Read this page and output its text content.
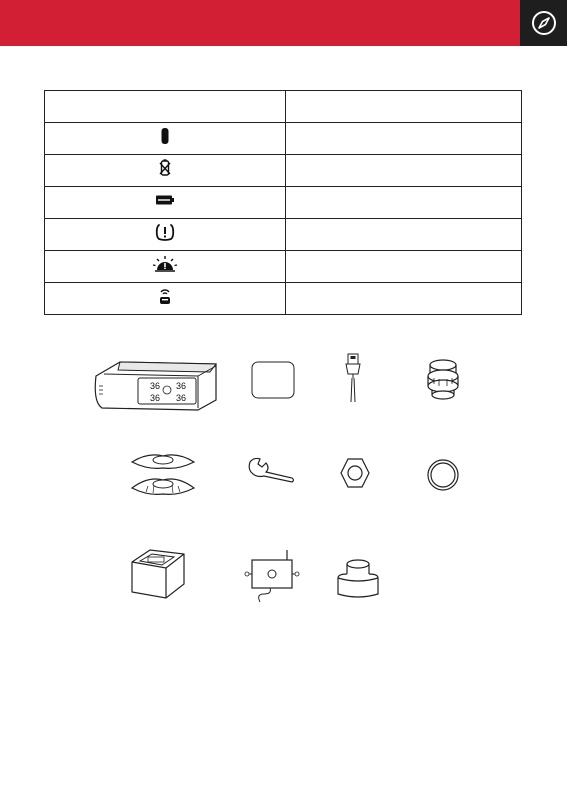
36 36
36 36
